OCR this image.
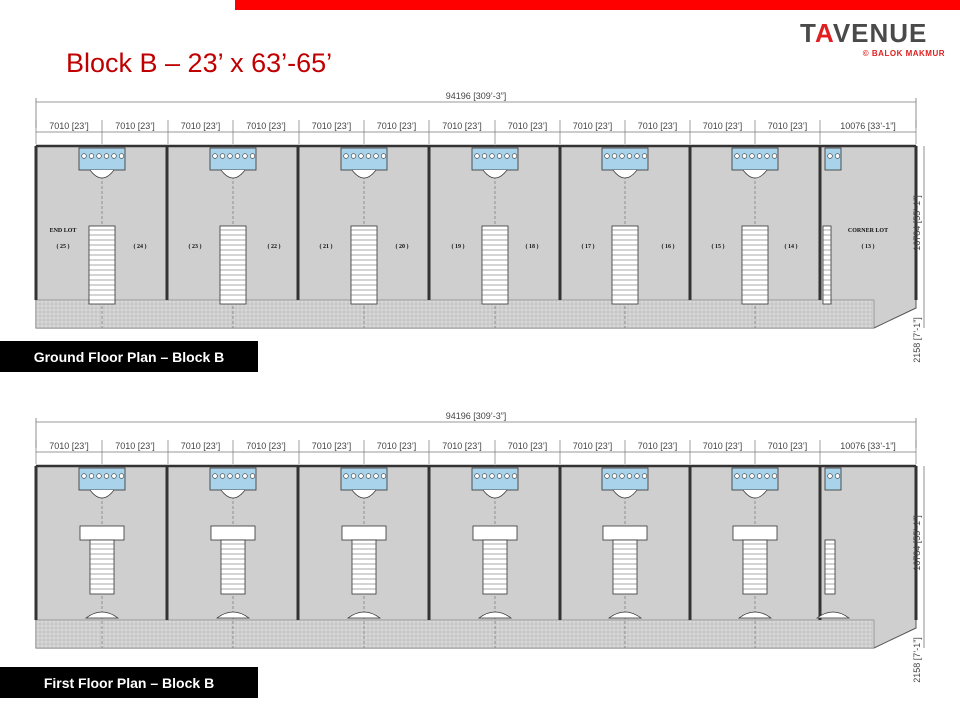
TAVENUE
© BALOK MAKMUR
Block B – 23’ x 63’-65’
94196 [309’-3”]
7010 [23’]	7010 [23’]	7010 [23’]	7010 [23’]	7010 [23’]	7010 [23’]	7010 [23’]	7010 [23’]	7010 [23’]	7010 [23’]	7010 [23’]	7010 [23’]	10076 [33’-1”]
16784 [55’-1”]
2158 [7’-1”]
( 25 )	( 24 )	( 23 )	( 22 )	( 21 )	( 20 )	( 19 )	( 18 )	( 17 )	( 16 )	( 15 )	( 14 )	( 13 )
END LOT	CORNER LOT
Ground Floor Plan – Block B
94196 [309’-3”]
7010 [23’]	7010 [23’]	7010 [23’]	7010 [23’]	7010 [23’]	7010 [23’]	7010 [23’]	7010 [23’]	7010 [23’]	7010 [23’]	7010 [23’]	7010 [23’]	10076 [33’-1”]
16784 [55’-1”]
2158 [7’-1”]
First Floor Plan – Block B
